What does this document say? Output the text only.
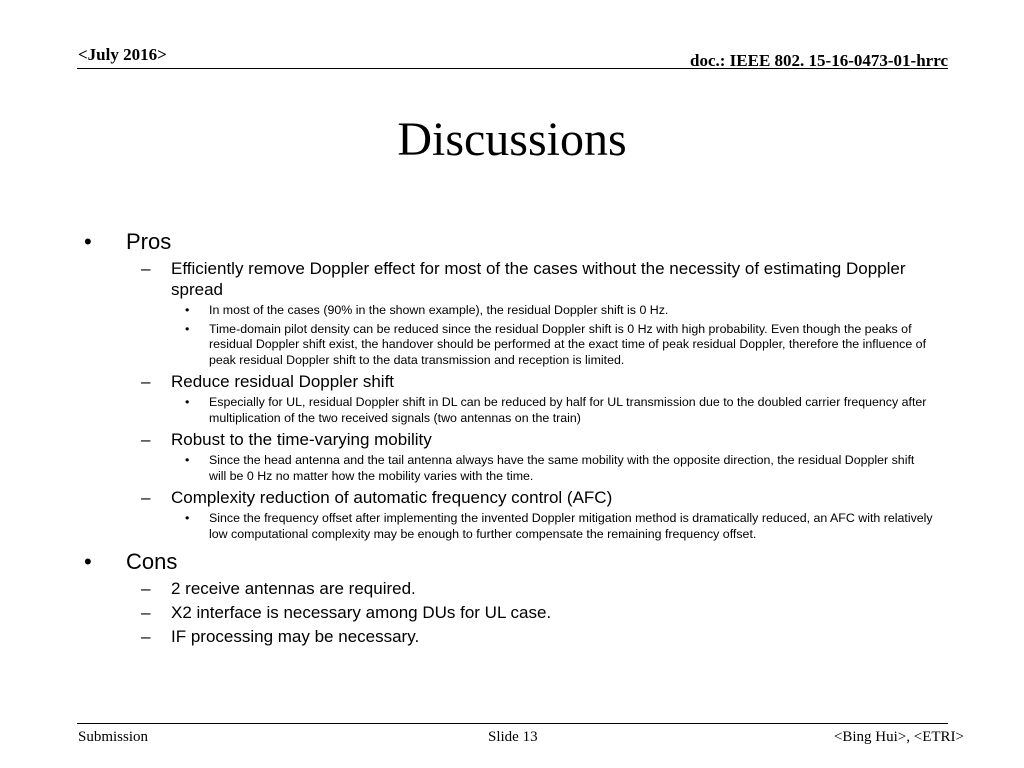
<July 2016>	doc.: IEEE 802. 15-16-0473-01-hrrc
Discussions
• Pros
– Efficiently remove Doppler effect for most of the cases without the necessity of estimating Doppler spread
• In most of the cases (90% in the shown example), the residual Doppler shift is 0 Hz.
• Time-domain pilot density can be reduced since the residual Doppler shift is 0 Hz with high probability. Even though the peaks of residual Doppler shift exist, the handover should be performed at the exact time of peak residual Doppler, therefore the influence of peak residual Doppler shift to the data transmission and reception is limited.
– Reduce residual Doppler shift
• Especially for UL, residual Doppler shift in DL can be reduced by half for UL transmission due to the doubled carrier frequency after multiplication of the two received signals (two antennas on the train)
– Robust to the time-varying mobility
• Since the head antenna and the tail antenna always have the same mobility with the opposite direction, the residual Doppler shift will be 0 Hz no matter how the mobility varies with the time.
– Complexity reduction of automatic frequency control (AFC)
• Since the frequency offset after implementing the invented Doppler mitigation method is dramatically reduced, an AFC with relatively low computational complexity may be enough to further compensate the remaining frequency offset.
• Cons
– 2 receive antennas are required.
– X2 interface is necessary among DUs for UL case.
– IF processing may be necessary.
Submission	Slide 13	<Bing Hui>, <ETRI>
